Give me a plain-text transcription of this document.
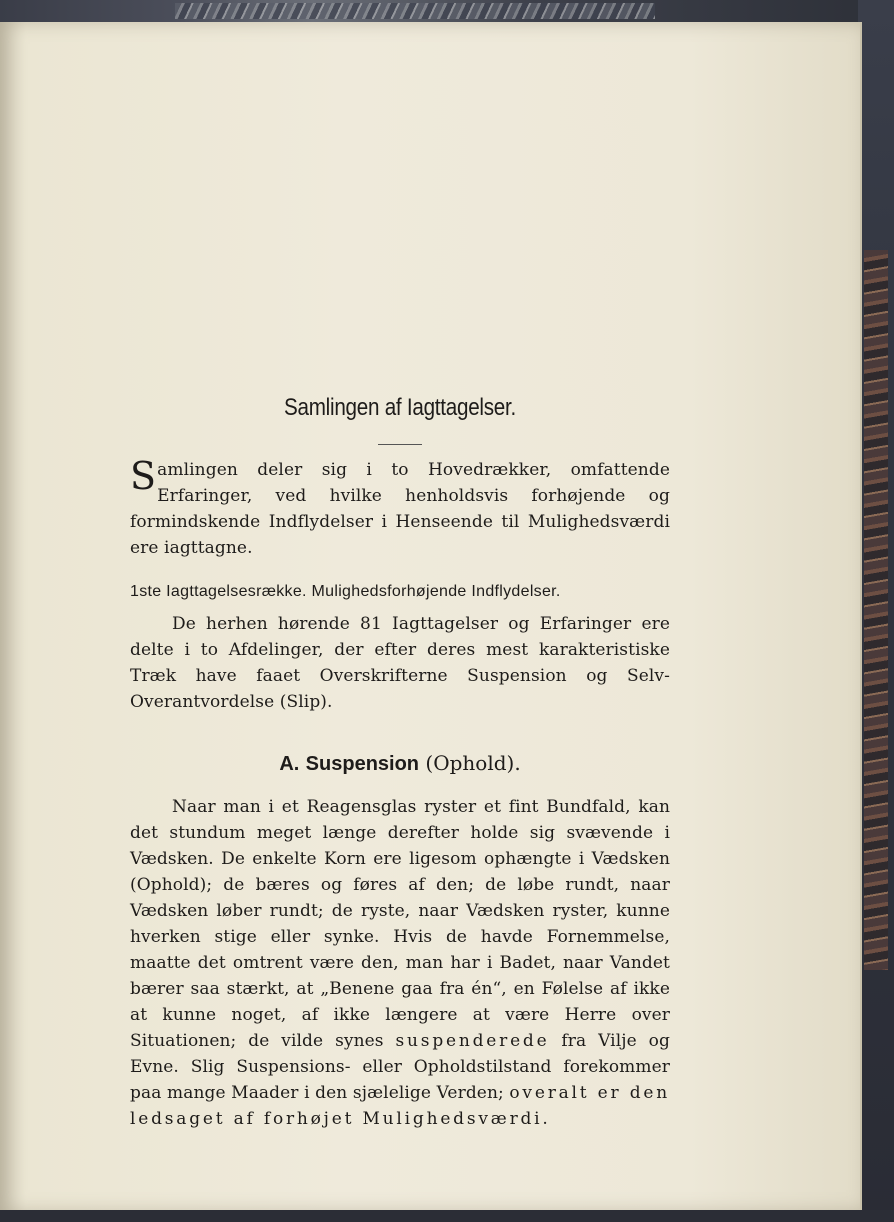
Samlingen af Iagttagelser.

Samlingen deler sig i to Hovedrækker, omfattende Erfaringer, ved hvilke henholdsvis forhøjende og formindskende Indflydelser i Henseende til Mulighedsværdi ere iagttagne.

1ste Iagttagelsesrække. Mulighedsforhøjende Indflydelser.

De herhen hørende 81 Iagttagelser og Erfaringer ere delte i to Afdelinger, der efter deres mest karakteristiske Træk have faaet Overskrifterne Suspension og Selv-Overantvordelse (Slip).

A. Suspension (Ophold).

Naar man i et Reagensglas ryster et fint Bundfald, kan det stundum meget længe derefter holde sig svævende i Vædsken. De enkelte Korn ere ligesom ophængte i Vædsken (Ophold); de bæres og føres af den; de løbe rundt, naar Vædsken løber rundt; de ryste, naar Vædsken ryster, kunne hverken stige eller synke. Hvis de havde Fornemmelse, maatte det omtrent være den, man har i Badet, naar Vandet bærer saa stærkt, at „Benene gaa fra én“, en Følelse af ikke at kunne noget, af ikke længere at være Herre over Situationen; de vilde synes suspenderede fra Vilje og Evne. Slig Suspensions- eller Opholdstilstand forekommer paa mange Maader i den sjælelige Verden; overalt er den ledsaget af forhøjet Mulighedsværdi.
